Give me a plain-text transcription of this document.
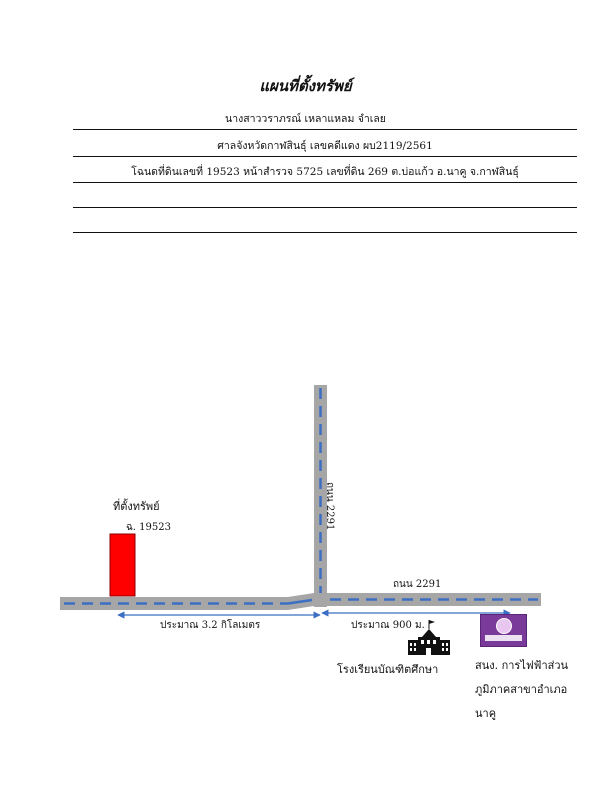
แผนที่ตั้งทรัพย์
นางสาววราภรณ์ เหลาแหลม จำเลย
ศาลจังหวัดกาฬสินธุ์ เลขคดีแดง ผบ2119/2561
โฉนดที่ดินเลขที่ 19523 หน้าสำรวจ 5725 เลขที่ดิน 269 ต.บ่อแก้ว อ.นาคู จ.กาฬสินธุ์
ที่ตั้งทรัพย์
ฉ. 19523	ถนน 2291
ถนน 2291
ประมาณ 3.2 กิโลเมตร	ประมาณ 900 ม.
โรงเรียนบัณฑิตศึกษา	สนง. การไฟฟ้าส่วน
ภูมิภาคสาขาอำเภอ
นาคู
